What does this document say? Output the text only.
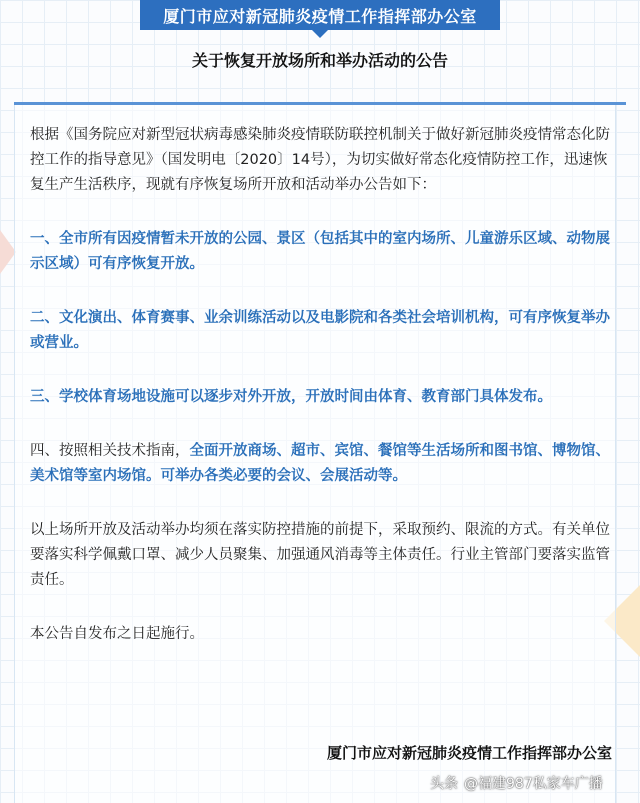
厦门市应对新冠肺炎疫情工作指挥部办公室
关于恢复开放场所和举办活动的公告

根据《国务院应对新型冠状病毒感染肺炎疫情联防联控机制关于做好新冠肺炎疫情常态化防控工作的指导意见》（国发明电〔2020〕14号），为切实做好常态化疫情防控工作，迅速恢复生产生活秩序，现就有序恢复场所开放和活动举办公告如下：

一、全市所有因疫情暂未开放的公园、景区（包括其中的室内场所、儿童游乐区域、动物展示区域）可有序恢复开放。

二、文化演出、体育赛事、业余训练活动以及电影院和各类社会培训机构，可有序恢复举办或营业。

三、学校体育场地设施可以逐步对外开放，开放时间由体育、教育部门具体发布。

四、按照相关技术指南，全面开放商场、超市、宾馆、餐馆等生活场所和图书馆、博物馆、美术馆等室内场馆。可举办各类必要的会议、会展活动等。

以上场所开放及活动举办均须在落实防控措施的前提下，采取预约、限流的方式。有关单位要落实科学佩戴口罩、减少人员聚集、加强通风消毒等主体责任。行业主管部门要落实监管责任。

本公告自发布之日起施行。

厦门市应对新冠肺炎疫情工作指挥部办公室
头条 @福建987私家车广播
